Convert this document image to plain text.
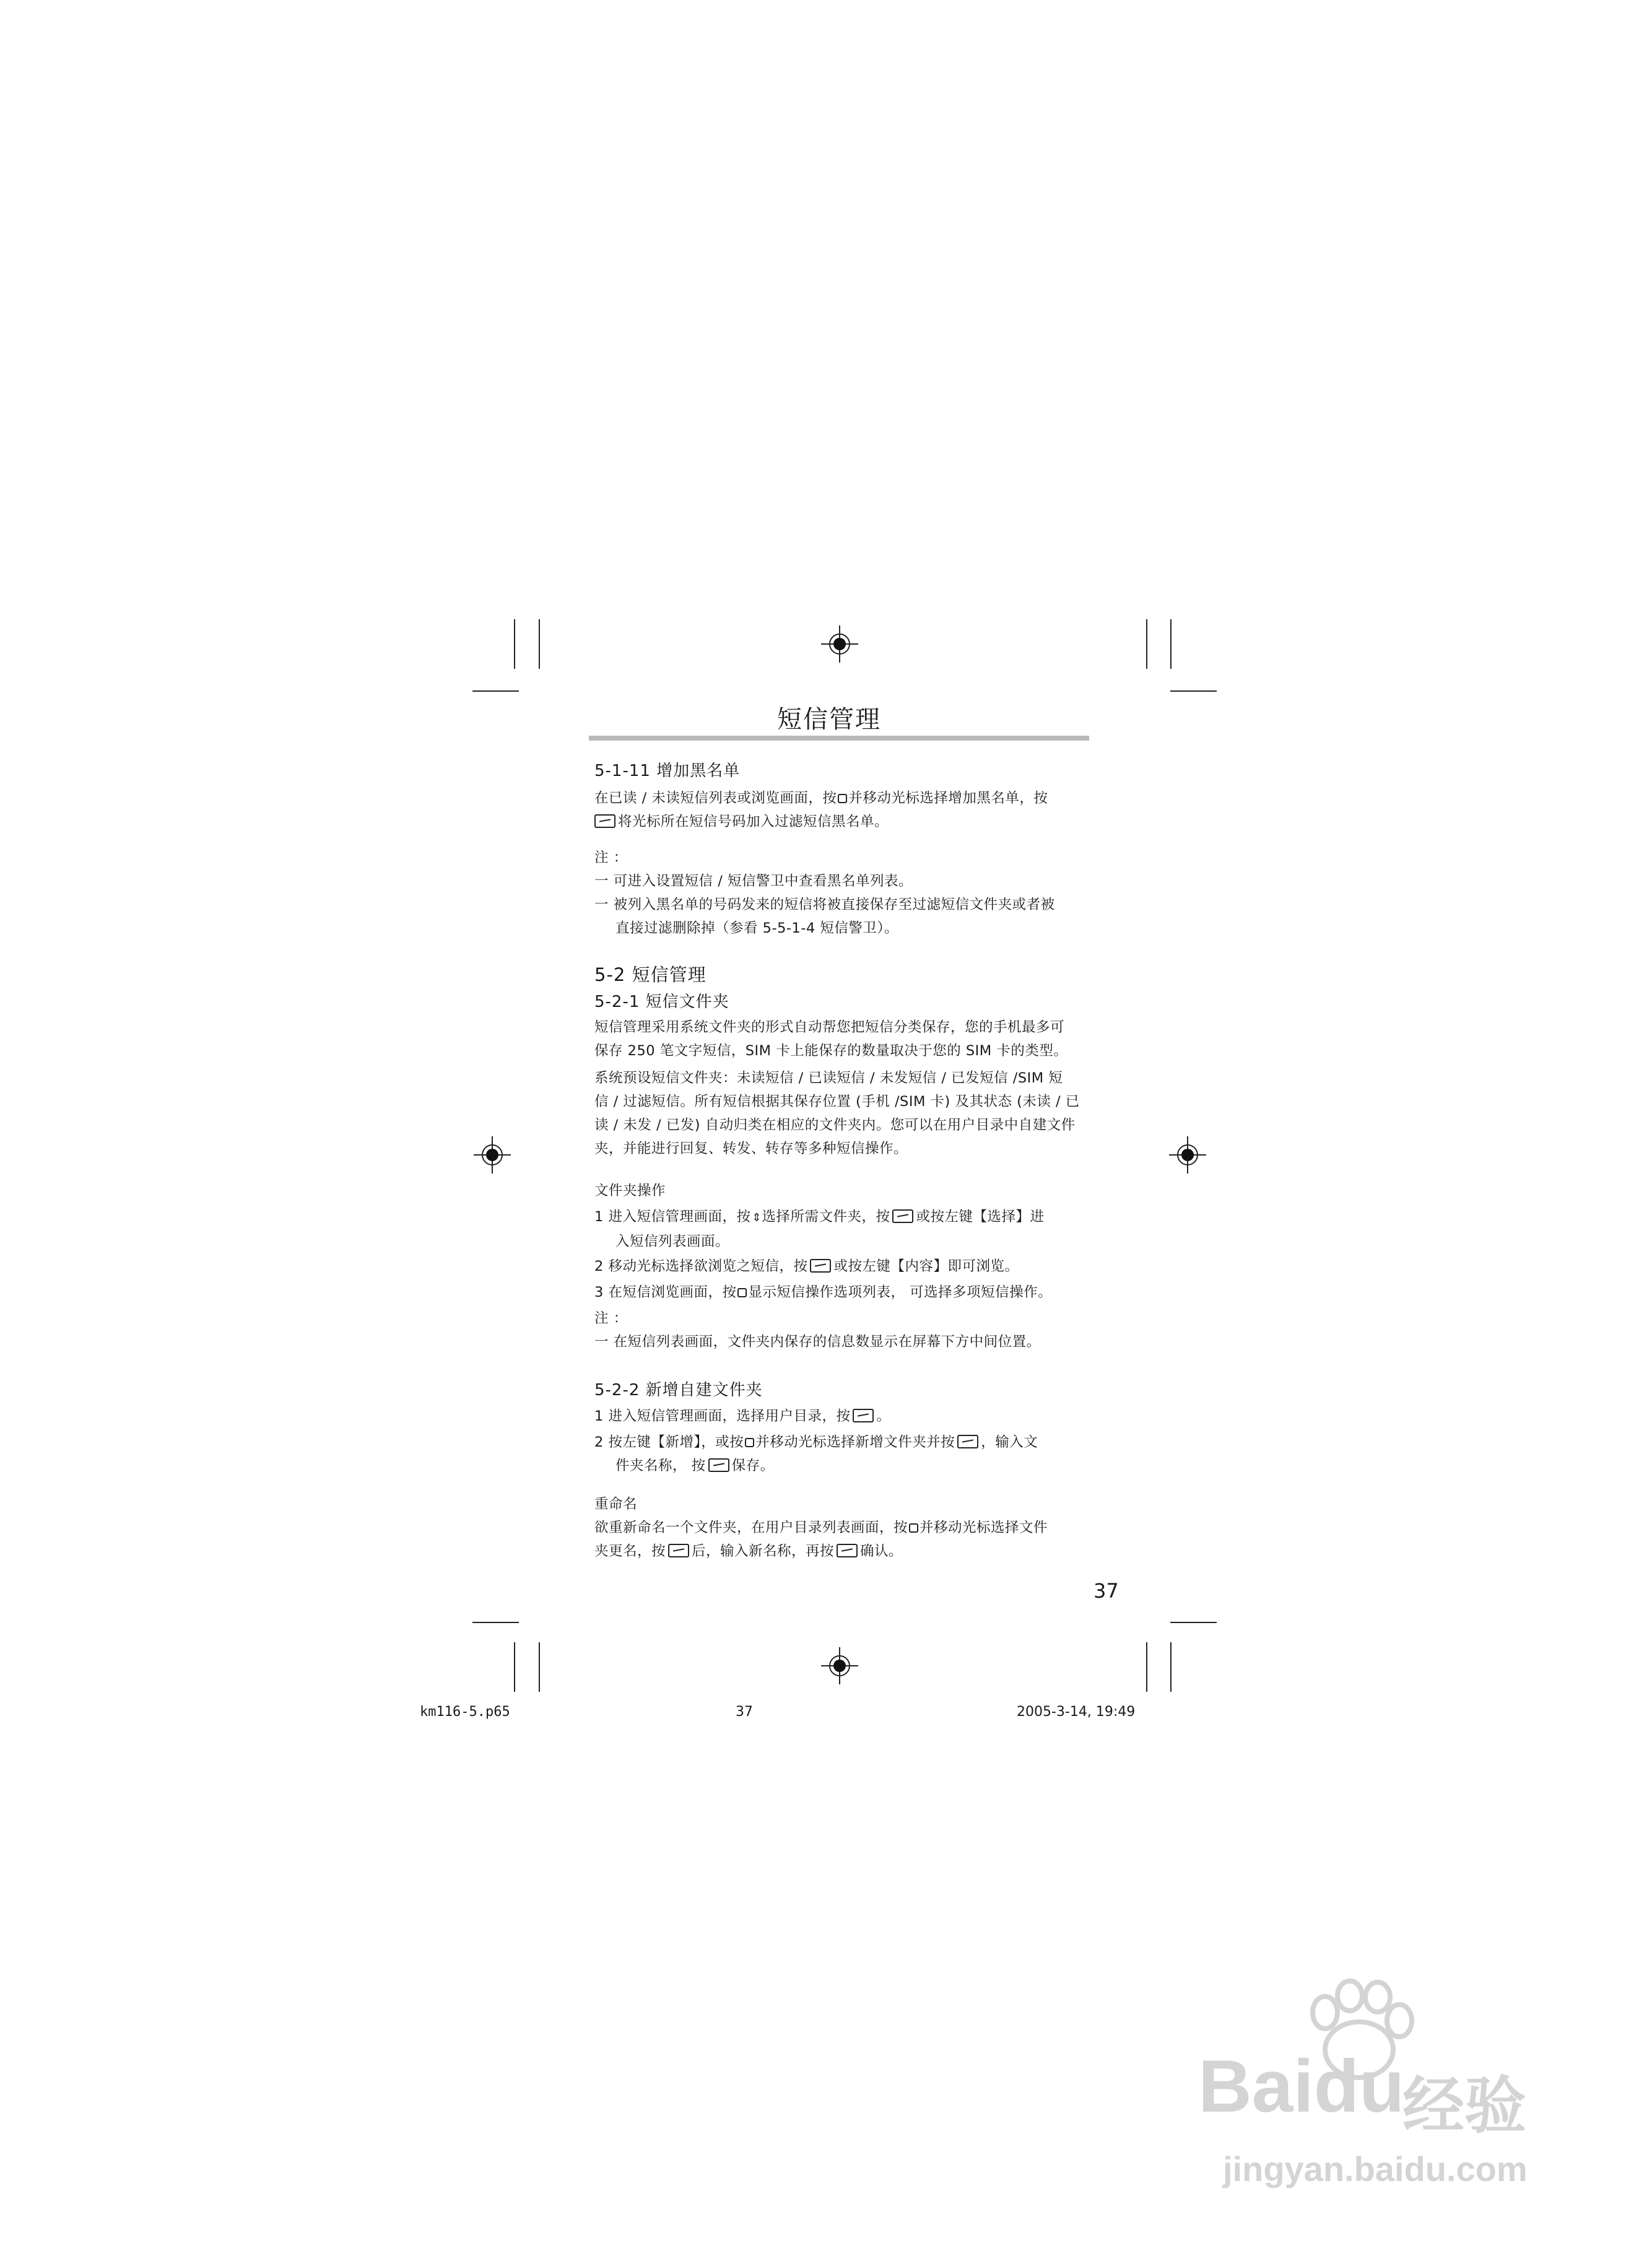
短信管理
5-1-11 增加黑名单
在已读 / 未读短信列表或浏览画面，按 并移动光标选择增加黑名单，按
将光标所在短信号码加入过滤短信黑名单。
注 ：
一 可进入设置短信 / 短信警卫中查看黑名单列表。
一 被列入黑名单的号码发来的短信将被直接保存至过滤短信文件夹或者被
直接过滤删除掉（参看 5-5-1-4 短信警卫）。
5-2 短信管理
5-2-1 短信文件夹
短信管理采用系统文件夹的形式自动帮您把短信分类保存，您的手机最多可
保存 250 笔文字短信，SIM 卡上能保存的数量取决于您的 SIM 卡的类型。
系统预设短信文件夹：未读短信 / 已读短信 / 未发短信 / 已发短信 /SIM 短
信 / 过滤短信。所有短信根据其保存位置 (手机 /SIM 卡) 及其状态 (未读 / 已
读 / 未发 / 已发) 自动归类在相应的文件夹内。您可以在用户目录中自建文件
夹，并能进行回复、转发、转存等多种短信操作。
文件夹操作
1 进入短信管理画面，按 ⇕选择所需文件夹，按 或按左键【选择】进
入短信列表画面。
2 移动光标选择欲浏览之短信，按 或按左键【内容】即可浏览。
3 在短信浏览画面，按 显示短信操作选项列表， 可选择多项短信操作。
注 ：
一 在短信列表画面，文件夹内保存的信息数显示在屏幕下方中间位置。
5-2-2 新增自建文件夹
1 进入短信管理画面，选择用户目录，按 。
2 按左键【新增】，或按 并移动光标选择新增文件夹并按 ，输入文
件夹名称， 按 保存。
重命名
欲重新命名一个文件夹，在用户目录列表画面，按 并移动光标选择文件
夹更名，按 后，输入新名称，再按 确认。
37
km116-5.p65	37	2005-3-14, 19:49
Baidu
经验
jingyan.baidu.com
